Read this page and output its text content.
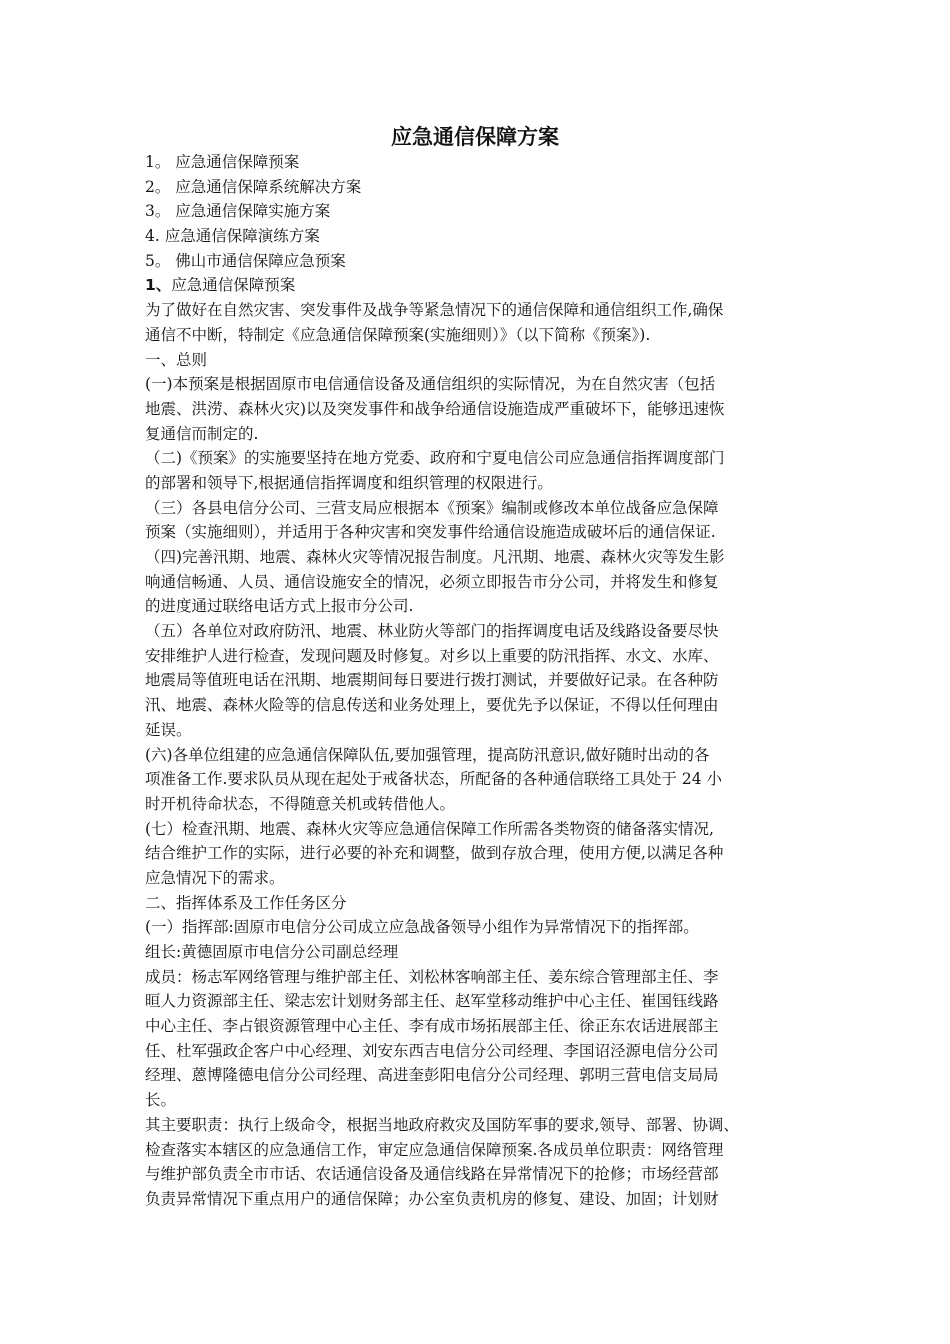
应急通信保障方案
1。 应急通信保障预案
2。 应急通信保障系统解决方案
3。 应急通信保障实施方案
4. 应急通信保障演练方案
5。 佛山市通信保障应急预案
1、应急通信保障预案
为了做好在自然灾害、突发事件及战争等紧急情况下的通信保障和通信组织工作,确保
通信不中断，特制定《应急通信保障预案(实施细则）》（以下简称《预案》).
一、总则
(一)本预案是根据固原市电信通信设备及通信组织的实际情况，为在自然灾害（包括
地震、洪涝、森林火灾)以及突发事件和战争给通信设施造成严重破坏下，能够迅速恢
复通信而制定的.
（二)《预案》的实施要坚持在地方党委、政府和宁夏电信公司应急通信指挥调度部门
的部署和领导下,根据通信指挥调度和组织管理的权限进行。
（三）各县电信分公司、三营支局应根据本《预案》编制或修改本单位战备应急保障
预案（实施细则），并适用于各种灾害和突发事件给通信设施造成破坏后的通信保证.
（四)完善汛期、地震、森林火灾等情况报告制度。凡汛期、地震、森林火灾等发生影
响通信畅通、人员、通信设施安全的情况，必须立即报告市分公司，并将发生和修复
的进度通过联络电话方式上报市分公司.
（五）各单位对政府防汛、地震、林业防火等部门的指挥调度电话及线路设备要尽快
安排维护人进行检查，发现问题及时修复。对乡以上重要的防汛指挥、水文、水库、
地震局等值班电话在汛期、地震期间每日要进行拨打测试，并要做好记录。在各种防
汛、地震、森林火险等的信息传送和业务处理上，要优先予以保证，不得以任何理由
延误。
(六)各单位组建的应急通信保障队伍,要加强管理，提高防汛意识,做好随时出动的各
项准备工作.要求队员从现在起处于戒备状态，所配备的各种通信联络工具处于 24 小
时开机待命状态，不得随意关机或转借他人。
(七）检查汛期、地震、森林火灾等应急通信保障工作所需各类物资的储备落实情况,
结合维护工作的实际，进行必要的补充和调整，做到存放合理，使用方便,以满足各种
应急情况下的需求。
二、指挥体系及工作任务区分
(一）指挥部:固原市电信分公司成立应急战备领导小组作为异常情况下的指挥部。
组长:黄德固原市电信分公司副总经理
成员：杨志军网络管理与维护部主任、刘松林客响部主任、姜东综合管理部主任、李
晅人力资源部主任、梁志宏计划财务部主任、赵军堂移动维护中心主任、崔国钰线路
中心主任、李占银资源管理中心主任、李有成市场拓展部主任、徐正东农话进展部主
任、杜军强政企客户中心经理、刘安东西吉电信分公司经理、李国诏泾源电信分公司
经理、蒽博隆德电信分公司经理、高进奎彭阳电信分公司经理、郭明三营电信支局局
长。
其主要职责：执行上级命令，根据当地政府救灾及国防军事的要求,领导、部署、协调、
检查落实本辖区的应急通信工作，审定应急通信保障预案.各成员单位职责：网络管理
与维护部负责全市市话、农话通信设备及通信线路在异常情况下的抢修；市场经营部
负责异常情况下重点用户的通信保障；办公室负责机房的修复、建设、加固；计划财
